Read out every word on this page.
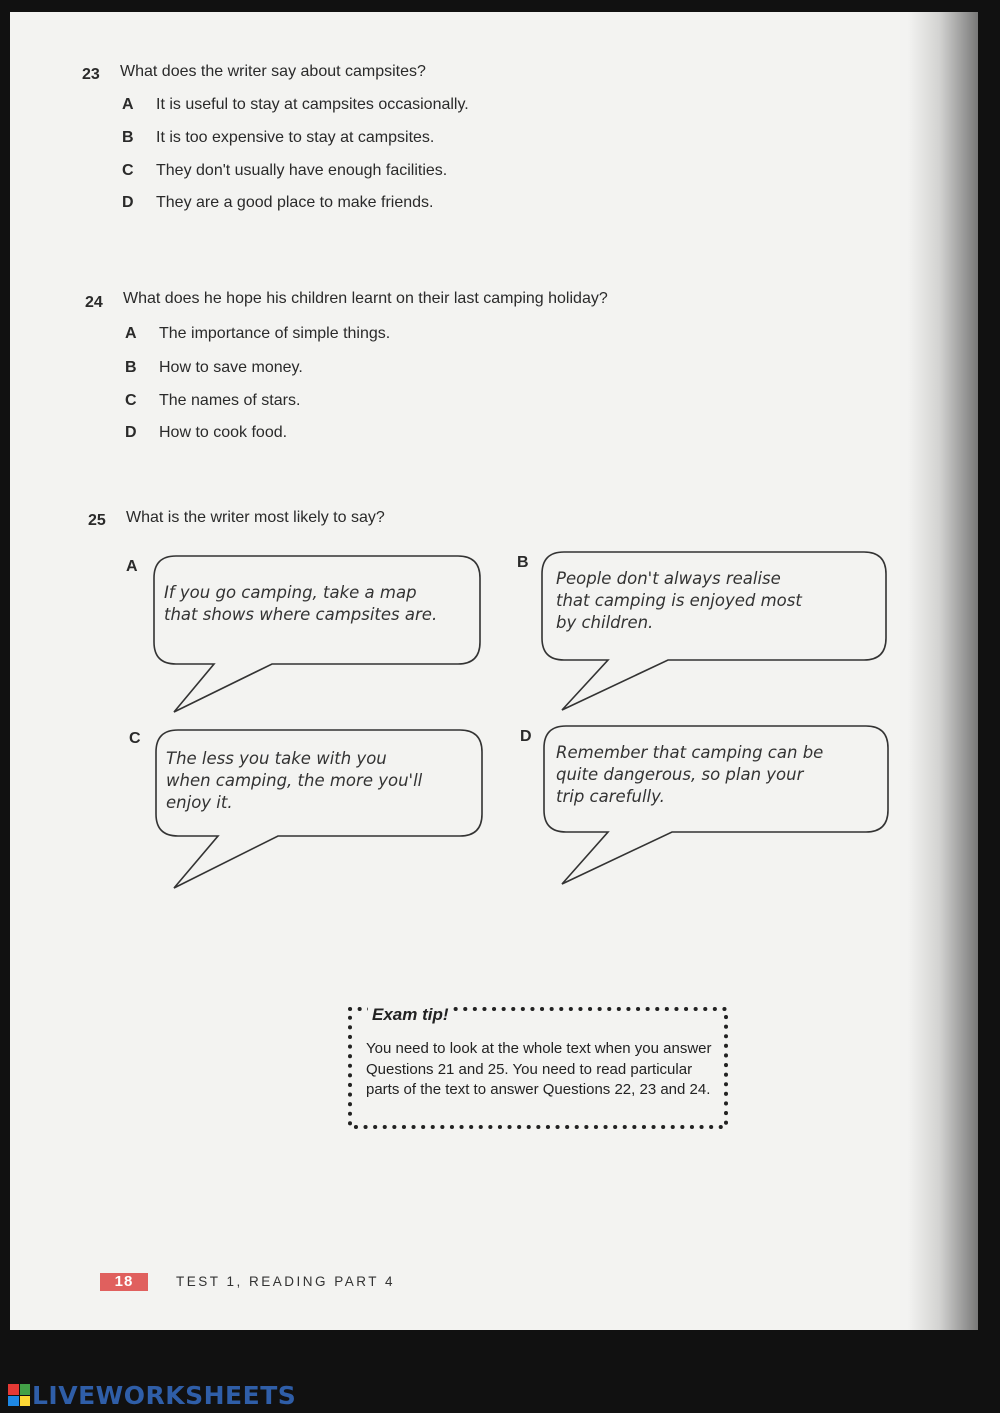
23 What does the writer say about campsites?
A It is useful to stay at campsites occasionally.
B It is too expensive to stay at campsites.
C They don't usually have enough facilities.
D They are a good place to make friends.
24 What does he hope his children learnt on their last camping holiday?
A The importance of simple things.
B How to save money.
C The names of stars.
D How to cook food.
25 What is the writer most likely to say?
A
If you go camping, take a map
that shows where campsites are.
B
People don't always realise
that camping is enjoyed most
by children.
C
The less you take with you
when camping, the more you'll
enjoy it.
D
Remember that camping can be
quite dangerous, so plan your
trip carefully.
Exam tip!
You need to look at the whole text when you answer Questions 21 and 25. You need to read particular parts of the text to answer Questions 22, 23 and 24.
18	TEST 1, READING PART 4
LIVEWORKSHEETS
